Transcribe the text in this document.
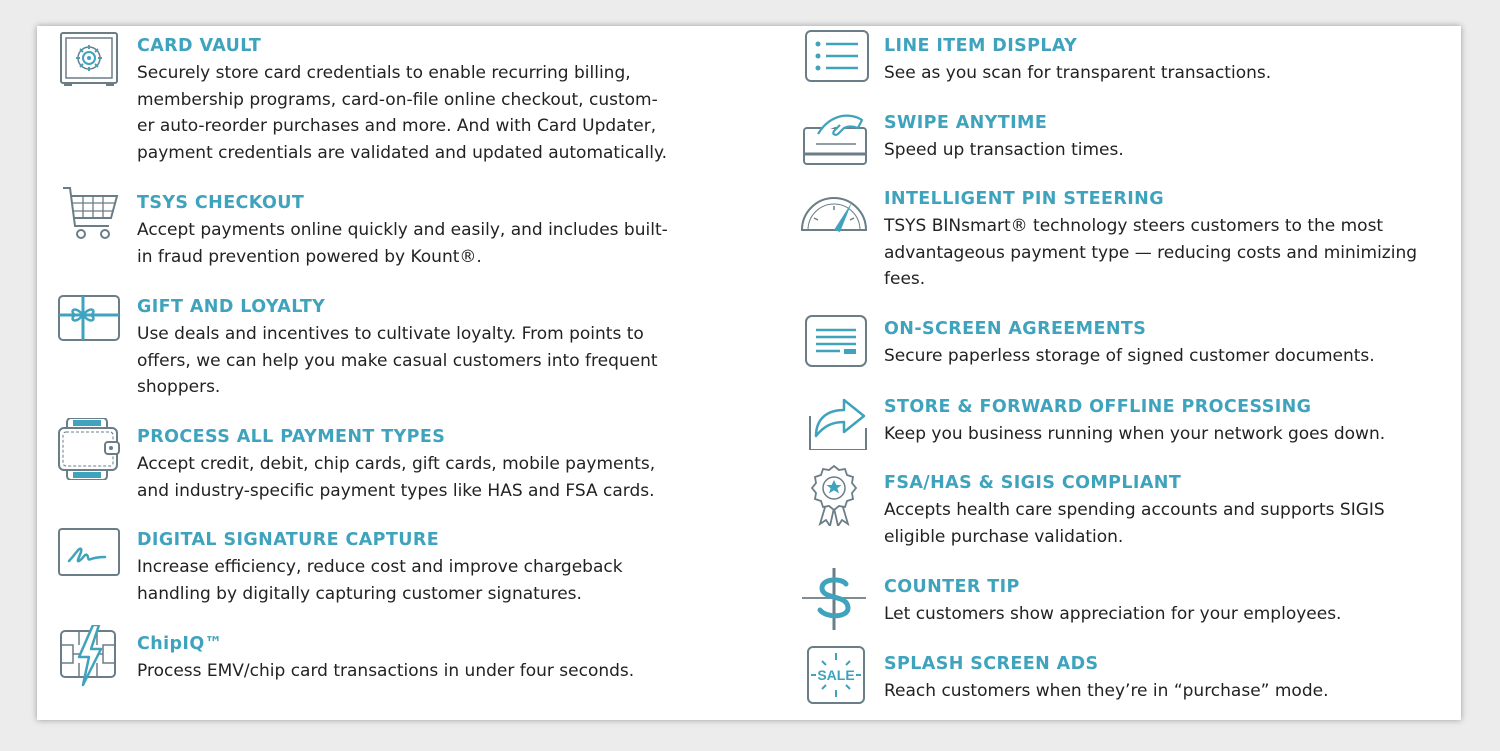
CARD VAULT
Securely store card credentials to enable recurring billing,
membership programs, card-on-file online checkout, custom-
er auto-reorder purchases and more. And with Card Updater,
payment credentials are validated and updated automatically.
TSYS CHECKOUT
Accept payments online quickly and easily, and includes built-
in fraud prevention powered by Kount®.
GIFT AND LOYALTY
Use deals and incentives to cultivate loyalty. From points to
offers, we can help you make casual customers into frequent
shoppers.
PROCESS ALL PAYMENT TYPES
Accept credit, debit, chip cards, gift cards, mobile payments,
and industry-specific payment types like HAS and FSA cards.
DIGITAL SIGNATURE CAPTURE
Increase efficiency, reduce cost and improve chargeback
handling by digitally capturing customer signatures.
ChipIQ™
Process EMV/chip card transactions in under four seconds.
LINE ITEM DISPLAY
See as you scan for transparent transactions.
SWIPE ANYTIME
Speed up transaction times.
INTELLIGENT PIN STEERING
TSYS BINsmart® technology steers customers to the most
advantageous payment type — reducing costs and minimizing
fees.
ON-SCREEN AGREEMENTS
Secure paperless storage of signed customer documents.
STORE & FORWARD OFFLINE PROCESSING
Keep you business running when your network goes down.
FSA/HAS & SIGIS COMPLIANT
Accepts health care spending accounts and supports SIGIS
eligible purchase validation.
COUNTER TIP
Let customers show appreciation for your employees.
SALE
SPLASH SCREEN ADS
Reach customers when they’re in “purchase” mode.
